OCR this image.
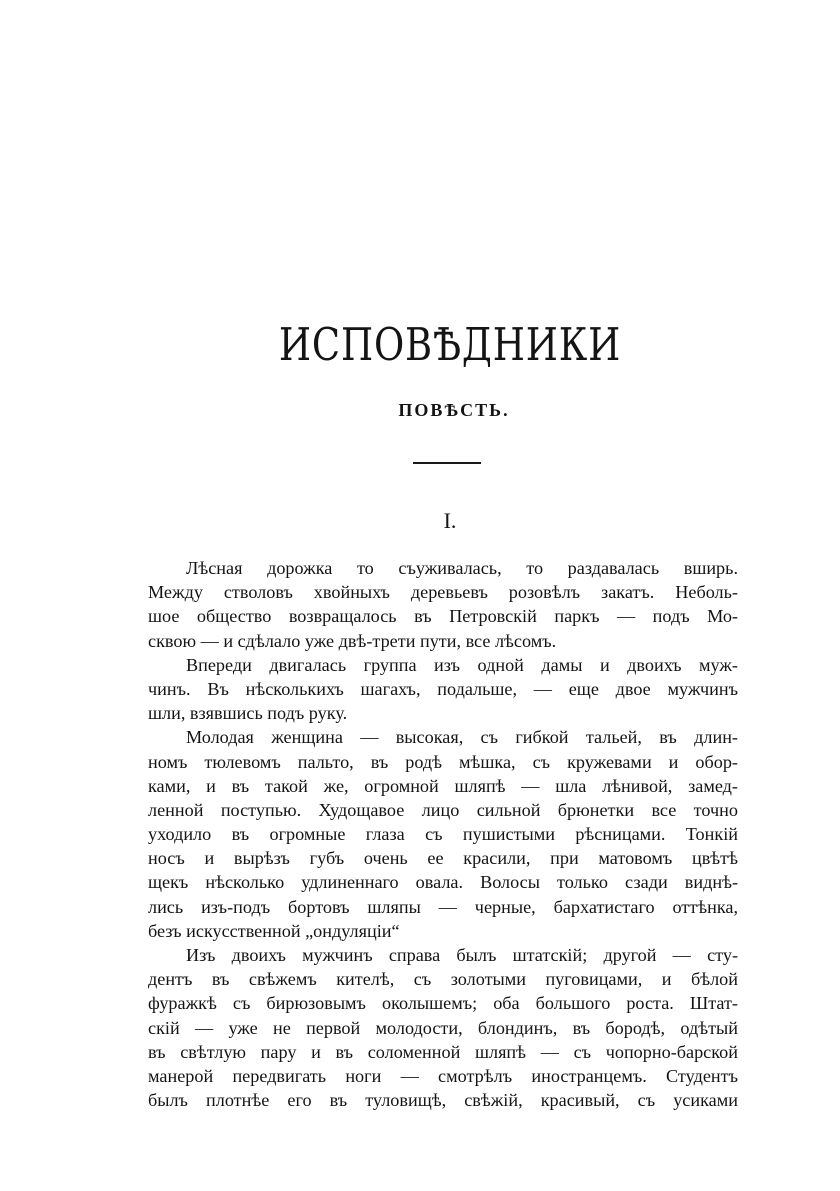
ИСПОВѢДНИКИ
ПОВѢСТЬ.
I.
Лѣсная дорожка то съуживалась, то раздавалась вширь.
Между стволовъ хвойныхъ деревьевъ розовѣлъ закатъ. Неболь-
шое общество возвращалось въ Петровскій паркъ — подъ Мо-
сквою — и сдѣлало уже двѣ-трети пути, все лѣсомъ.
Впереди двигалась группа изъ одной дамы и двоихъ муж-
чинъ. Въ нѣсколькихъ шагахъ, подальше, — еще двое мужчинъ
шли, взявшись подъ руку.
Молодая женщина — высокая, съ гибкой тальей, въ длин-
номъ тюлевомъ пальто, въ родѣ мѣшка, съ кружевами и обор-
ками, и въ такой же, огромной шляпѣ — шла лѣнивой, замед-
ленной поступью. Худощавое лицо сильной брюнетки все точно
уходило въ огромные глаза съ пушистыми рѣсницами. Тонкій
носъ и вырѣзъ губъ очень ее красили, при матовомъ цвѣтѣ
щекъ нѣсколько удлиненнаго овала. Волосы только сзади виднѣ-
лись изъ-подъ бортовъ шляпы — черные, бархатистаго оттѣнка,
безъ искусственной „ондуляціи“
Изъ двоихъ мужчинъ справа былъ штатскій; другой — сту-
дентъ въ свѣжемъ кителѣ, съ золотыми пуговицами, и бѣлой
фуражкѣ съ бирюзовымъ околышемъ; оба большого роста. Штат-
скій — уже не первой молодости, блондинъ, въ бородѣ, одѣтый
въ свѣтлую пару и въ соломенной шляпѣ — съ чопорно-барской
манерой передвигать ноги — смотрѣлъ иностранцемъ. Студентъ
былъ плотнѣе его въ туловищѣ, свѣжій, красивый, съ усиками
